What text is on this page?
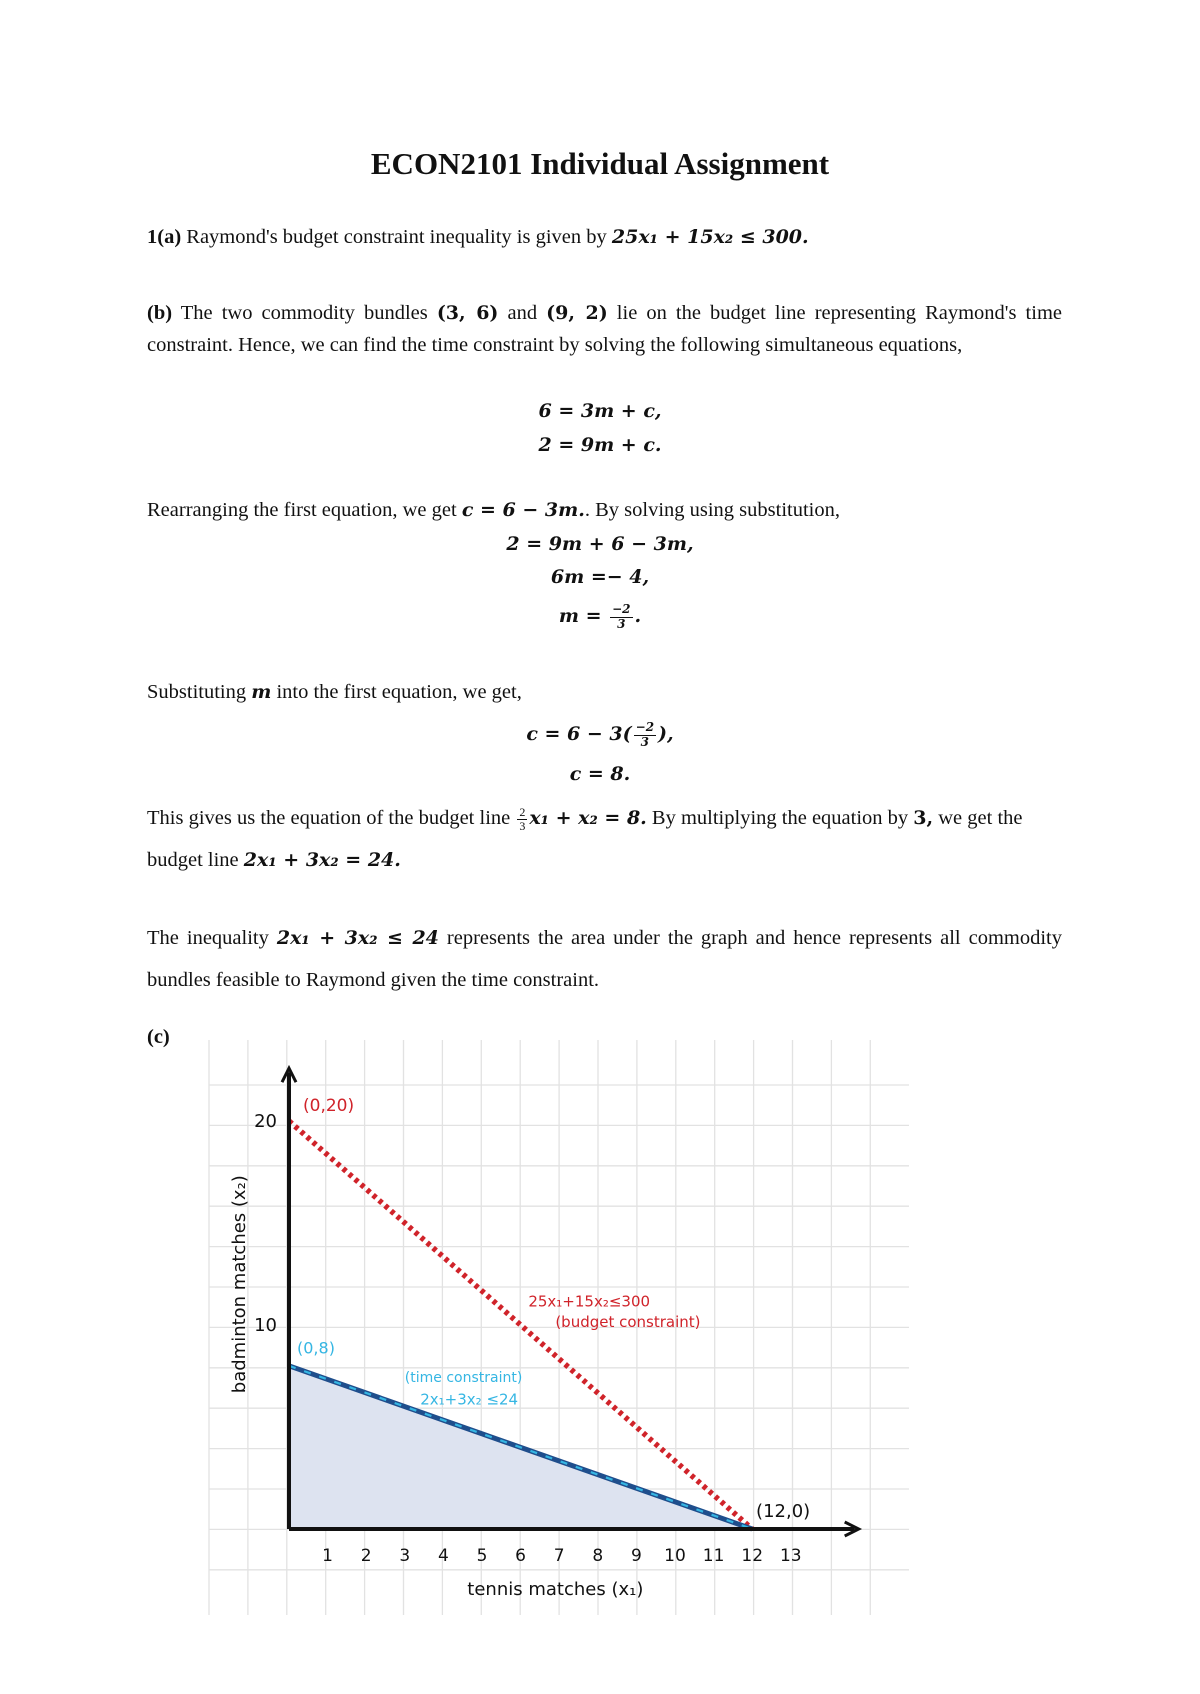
ECON2101 Individual Assignment
1(a) Raymond's budget constraint inequality is given by 25x₁ + 15x₂ ≤ 300.
(b) The two commodity bundles (3, 6) and (9, 2) lie on the budget line representing Raymond's time constraint. Hence, we can find the time constraint by solving the following simultaneous equations,
6 = 3m + c,
2 = 9m + c.
Rearranging the first equation, we get c = 6 − 3m.. By solving using substitution,
2 = 9m + 6 − 3m,
6m =− 4,
$m = \frac{-2}{3}$ .
Substituting m into the first equation, we get,
$c = 6 - 3( \frac{-2}{3}$ ),
c = 8.
This gives us the equation of the budget line $\frac{2}{3} x_1 + x_2 = 8$. By multiplying the equation by 3, we get the budget line 2x₁ + 3x₂ = 24.
The inequality 2x₁ + 3x₂ ≤ 24 represents the area under the graph and hence represents all commodity bundles feasible to Raymond given the time constraint.
(c)
1 2 3 4 5 6 7 8 9 10 11 12 13
10
20
tennis matches (x₁)
badminton matches (x₂)
(0,20)
(0,8)
(12,0)
25x₁+15x₂≤300
(budget constraint)
(time constraint)
2x₁+3x₂ ≤24
